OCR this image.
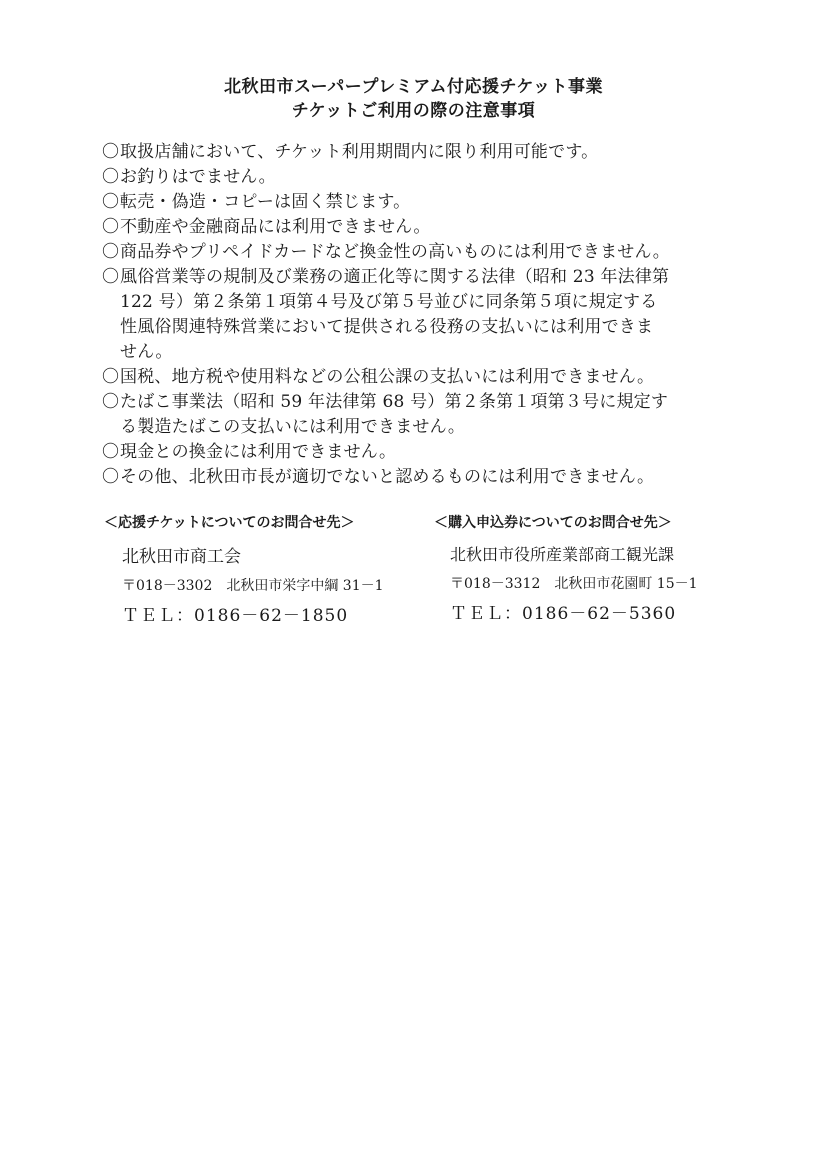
北秋田市スーパープレミアム付応援チケット事業
チケットご利用の際の注意事項
〇 取扱店舗において、チケット利用期間内に限り利用可能です。
〇 お釣りはでません。
〇 転売・偽造・コピーは固く禁じます。
〇 不動産や金融商品には利用できません。
〇 商品券やプリペイドカードなど換金性の高いものには利用できません。
〇 風俗営業等の規制及び業務の適正化等に関する法律（昭和 23 年法律第
122 号）第２条第１項第４号及び第５号並びに同条第５項に規定する
性風俗関連特殊営業において提供される役務の支払いには利用できま
せん。
〇 国税、地方税や使用料などの公租公課の支払いには利用できません。
〇 たばこ事業法（昭和 59 年法律第 68 号）第２条第１項第３号に規定す
る製造たばこの支払いには利用できません。
〇 現金との換金には利用できません。
〇 その他、北秋田市長が適切でないと認めるものには利用できません。
＜応援チケットについてのお問合せ先＞
北秋田市商工会
〒018－3302　北秋田市栄字中綱 31－1
ＴＥＬ：0186－62－1850
＜購入申込券についてのお問合せ先＞
北秋田市役所産業部商工観光課
〒018－3312　北秋田市花園町 15－1
ＴＥＬ：0186－62－5360
